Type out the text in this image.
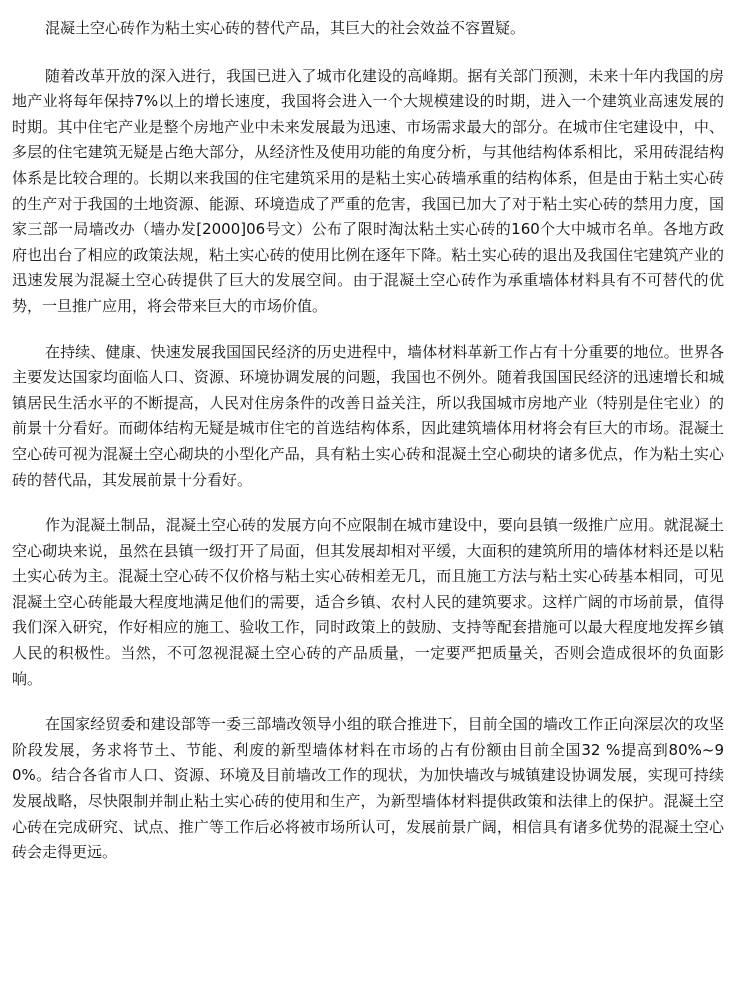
混凝土空心砖作为粘土实心砖的替代产品，其巨大的社会效益不容置疑。

随着改革开放的深入进行，我国已进入了城市化建设的高峰期。据有关部门预测，未来十年内我国的房地产业将每年保持7%以上的增长速度，我国将会进入一个大规模建设的时期，进入一个建筑业高速发展的时期。其中住宅产业是整个房地产业中未来发展最为迅速、市场需求最大的部分。在城市住宅建设中，中、多层的住宅建筑无疑是占绝大部分，从经济性及使用功能的角度分析，与其他结构体系相比，采用砖混结构体系是比较合理的。长期以来我国的住宅建筑采用的是粘土实心砖墙承重的结构体系，但是由于粘土实心砖的生产对于我国的土地资源、能源、环境造成了严重的危害，我国已加大了对于粘土实心砖的禁用力度，国家三部一局墙改办（墙办发[2000]06号文）公布了限时淘汰粘土实心砖的160个大中城市名单。各地方政府也出台了相应的政策法规，粘土实心砖的使用比例在逐年下降。粘土实心砖的退出及我国住宅建筑产业的迅速发展为混凝土空心砖提供了巨大的发展空间。由于混凝土空心砖作为承重墙体材料具有不可替代的优势，一旦推广应用，将会带来巨大的市场价值。

在持续、健康、快速发展我国国民经济的历史进程中，墙体材料革新工作占有十分重要的地位。世界各主要发达国家均面临人口、资源、环境协调发展的问题，我国也不例外。随着我国国民经济的迅速增长和城镇居民生活水平的不断提高，人民对住房条件的改善日益关注，所以我国城市房地产业（特别是住宅业）的前景十分看好。而砌体结构无疑是城市住宅的首选结构体系，因此建筑墙体用材将会有巨大的市场。混凝土空心砖可视为混凝土空心砌块的小型化产品，具有粘土实心砖和混凝土空心砌块的诸多优点，作为粘土实心砖的替代品，其发展前景十分看好。

作为混凝土制品，混凝土空心砖的发展方向不应限制在城市建设中，要向县镇一级推广应用。就混凝土空心砌块来说，虽然在县镇一级打开了局面，但其发展却相对平缓，大面积的建筑所用的墙体材料还是以粘土实心砖为主。混凝土空心砖不仅价格与粘土实心砖相差无几，而且施工方法与粘土实心砖基本相同，可见混凝土空心砖能最大程度地满足他们的需要，适合乡镇、农村人民的建筑要求。这样广阔的市场前景，值得我们深入研究，作好相应的施工、验收工作，同时政策上的鼓励、支持等配套措施可以最大程度地发挥乡镇人民的积极性。当然，不可忽视混凝土空心砖的产品质量，一定要严把质量关，否则会造成很坏的负面影响。

在国家经贸委和建设部等一委三部墙改领导小组的联合推进下，目前全国的墙改工作正向深层次的攻坚阶段发展，务求将节土、节能、利废的新型墙体材料在市场的占有份额由目前全国32 %提高到80%~90%。结合各省市人口、资源、环境及目前墙改工作的现状，为加快墙改与城镇建设协调发展，实现可持续发展战略，尽快限制并制止粘土实心砖的使用和生产，为新型墙体材料提供政策和法律上的保护。混凝土空心砖在完成研究、试点、推广等工作后必将被市场所认可，发展前景广阔，相信具有诸多优势的混凝土空心砖会走得更远。
